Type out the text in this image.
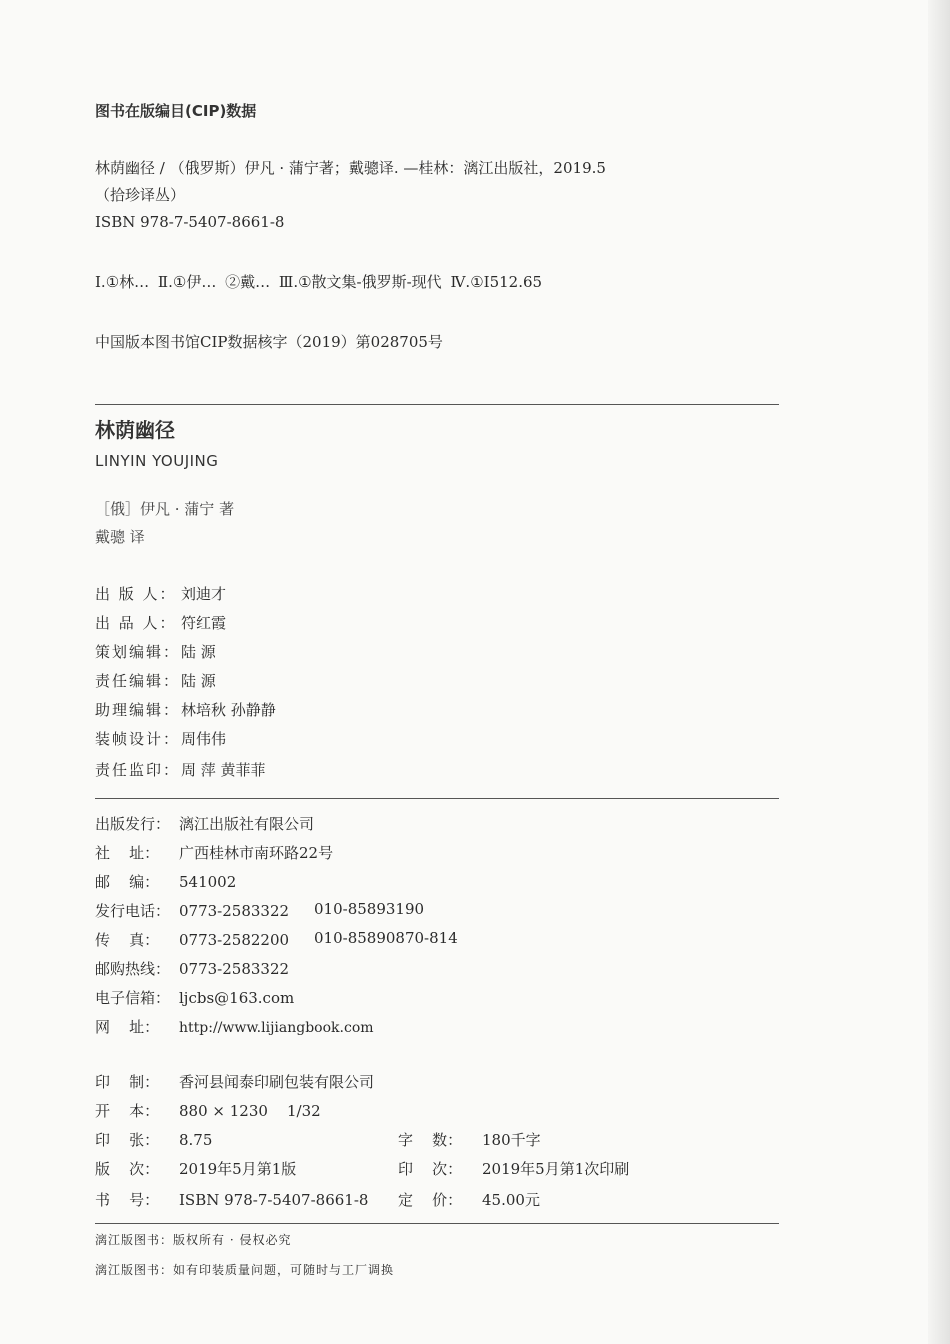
图书在版编目(CIP)数据
林荫幽径 / （俄罗斯）伊凡 · 蒲宁著；戴骢译. —桂林：漓江出版社，2019.5
（拾珍译丛）
ISBN 978-7-5407-8661-8
Ⅰ.①林… Ⅱ.①伊… ②戴… Ⅲ.①散文集-俄罗斯-现代 Ⅳ.①I512.65
中国版本图书馆CIP数据核字（2019）第028705号
林荫幽径
LINYIN YOUJING
［俄］伊凡 · 蒲宁 著
戴骢 译
出 版 人： 刘迪才
出 品 人： 符红霞
策划编辑：陆 源
责任编辑：陆 源
助理编辑：林培秋 孙静静
装帧设计：周伟伟
责任监印：周 萍 黄菲菲
出版发行： 漓江出版社有限公司
社    址： 广西桂林市南环路22号
邮    编： 541002
发行电话： 0773-2583322 010-85893190
传    真： 0773-2582200 010-85890870-814
邮购热线： 0773-2583322
电子信箱： ljcbs@163.com
网    址： http://www.lijiangbook.com
印    制： 香河县闻泰印刷包装有限公司
开    本： 880 × 1230    1/32
印    张： 8.75	字    数： 180千字
版    次： 2019年5月第1版	印    次： 2019年5月第1次印刷
书    号： ISBN 978-7-5407-8661-8 定    价： 45.00元
漓江版图书：版权所有 · 侵权必究
漓江版图书：如有印装质量问题，可随时与工厂调换
